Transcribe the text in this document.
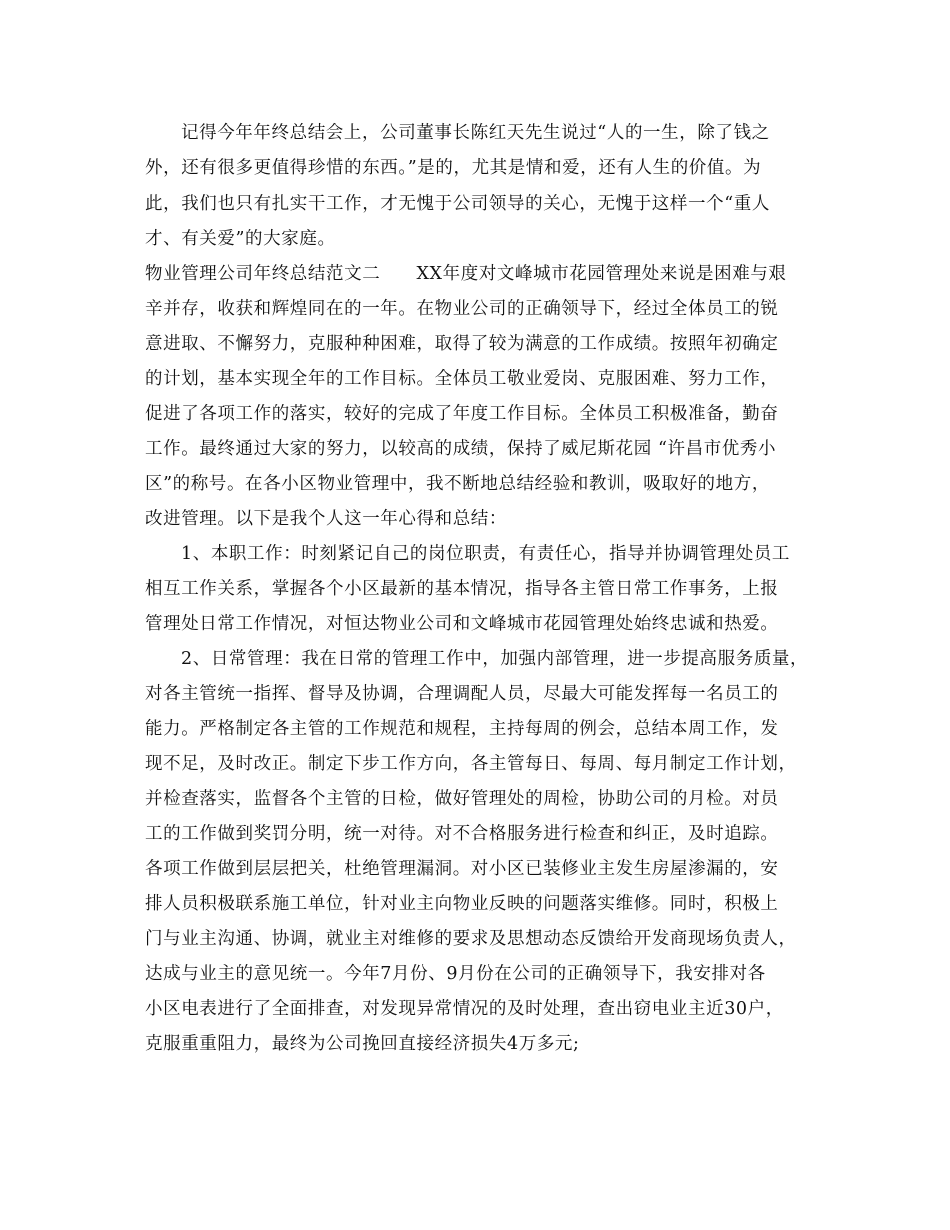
记得今年年终总结会上，公司董事长陈红天先生说过“人的一生，除了钱之
外，还有很多更值得珍惜的东西。”是的，尤其是情和爱，还有人生的价值。为
此，我们也只有扎实干工作，才无愧于公司领导的关心，无愧于这样一个“重人
才、有关爱”的大家庭。
物业管理公司年终总结范文二　　XX年度对文峰城市花园管理处来说是困难与艰
辛并存，收获和辉煌同在的一年。在物业公司的正确领导下，经过全体员工的锐
意进取、不懈努力，克服种种困难，取得了较为满意的工作成绩。按照年初确定
的计划，基本实现全年的工作目标。全体员工敬业爱岗、克服困难、努力工作，
促进了各项工作的落实，较好的完成了年度工作目标。全体员工积极准备，勤奋
工作。最终通过大家的努力，以较高的成绩，保持了威尼斯花园 “许昌市优秀小
区”的称号。在各小区物业管理中，我不断地总结经验和教训，吸取好的地方，
改进管理。以下是我个人这一年心得和总结：
1、本职工作：时刻紧记自己的岗位职责，有责任心，指导并协调管理处员工
相互工作关系，掌握各个小区最新的基本情况，指导各主管日常工作事务，上报
管理处日常工作情况，对恒达物业公司和文峰城市花园管理处始终忠诚和热爱。
2、日常管理：我在日常的管理工作中，加强内部管理，进一步提高服务质量，
对各主管统一指挥、督导及协调，合理调配人员，尽最大可能发挥每一名员工的
能力。严格制定各主管的工作规范和规程，主持每周的例会，总结本周工作，发
现不足，及时改正。制定下步工作方向，各主管每日、每周、每月制定工作计划，
并检查落实，监督各个主管的日检，做好管理处的周检，协助公司的月检。对员
工的工作做到奖罚分明，统一对待。对不合格服务进行检查和纠正，及时追踪。
各项工作做到层层把关，杜绝管理漏洞。对小区已装修业主发生房屋渗漏的，安
排人员积极联系施工单位，针对业主向物业反映的问题落实维修。同时，积极上
门与业主沟通、协调，就业主对维修的要求及思想动态反馈给开发商现场负责人，
达成与业主的意见统一。今年7月份、9月份在公司的正确领导下，我安排对各
小区电表进行了全面排查，对发现异常情况的及时处理，查出窃电业主近30户，
克服重重阻力，最终为公司挽回直接经济损失4万多元;
